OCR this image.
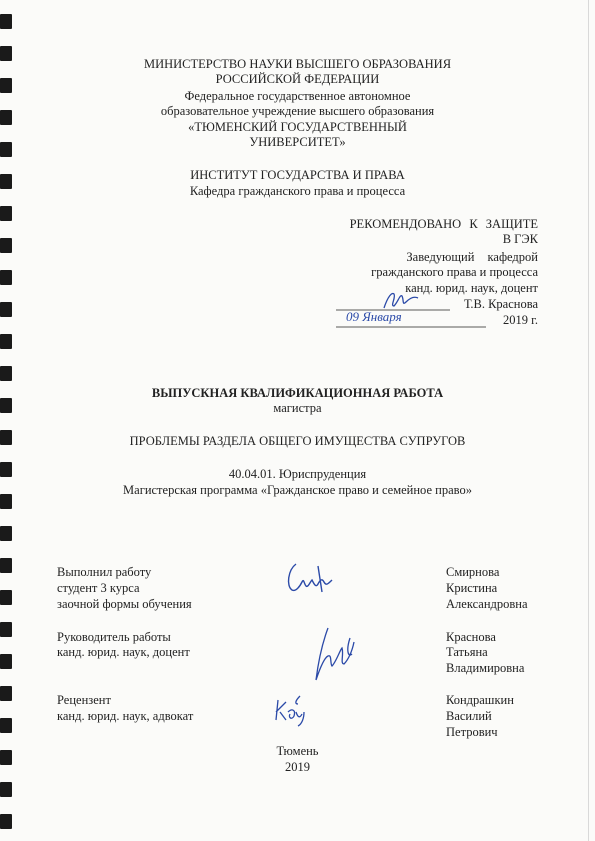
МИНИСТЕРСТВО НАУКИ ВЫСШЕГО ОБРАЗОВАНИЯ
РОССИЙСКОЙ ФЕДЕРАЦИИ
Федеральное государственное автономное
образовательное учреждение высшего образования
«ТЮМЕНСКИЙ ГОСУДАРСТВЕННЫЙ
УНИВЕРСИТЕТ»
ИНСТИТУТ ГОСУДАРСТВА И ПРАВА
Кафедра гражданского права и процесса
РЕКОМЕНДОВАНО К ЗАЩИТЕ
В ГЭК
Заведующий кафедрой
гражданского права и процесса
канд. юрид. наук, доцент
Т.В. Краснова
09 Января	2019 г.
ВЫПУСКНАЯ КВАЛИФИКАЦИОННАЯ РАБОТА
магистра
ПРОБЛЕМЫ РАЗДЕЛА ОБЩЕГО ИМУЩЕСТВА СУПРУГОВ
40.04.01. Юриспруденция
Магистерская программа «Гражданское право и семейное право»
Выполнил работу
студент 3 курса
заочной формы обучения
Смирнова
Кристина
Александровна
Руководитель работы
канд. юрид. наук, доцент
Краснова
Татьяна
Владимировна
Рецензент
канд. юрид. наук, адвокат
Кондрашкин
Василий
Петрович
Тюмень
2019
